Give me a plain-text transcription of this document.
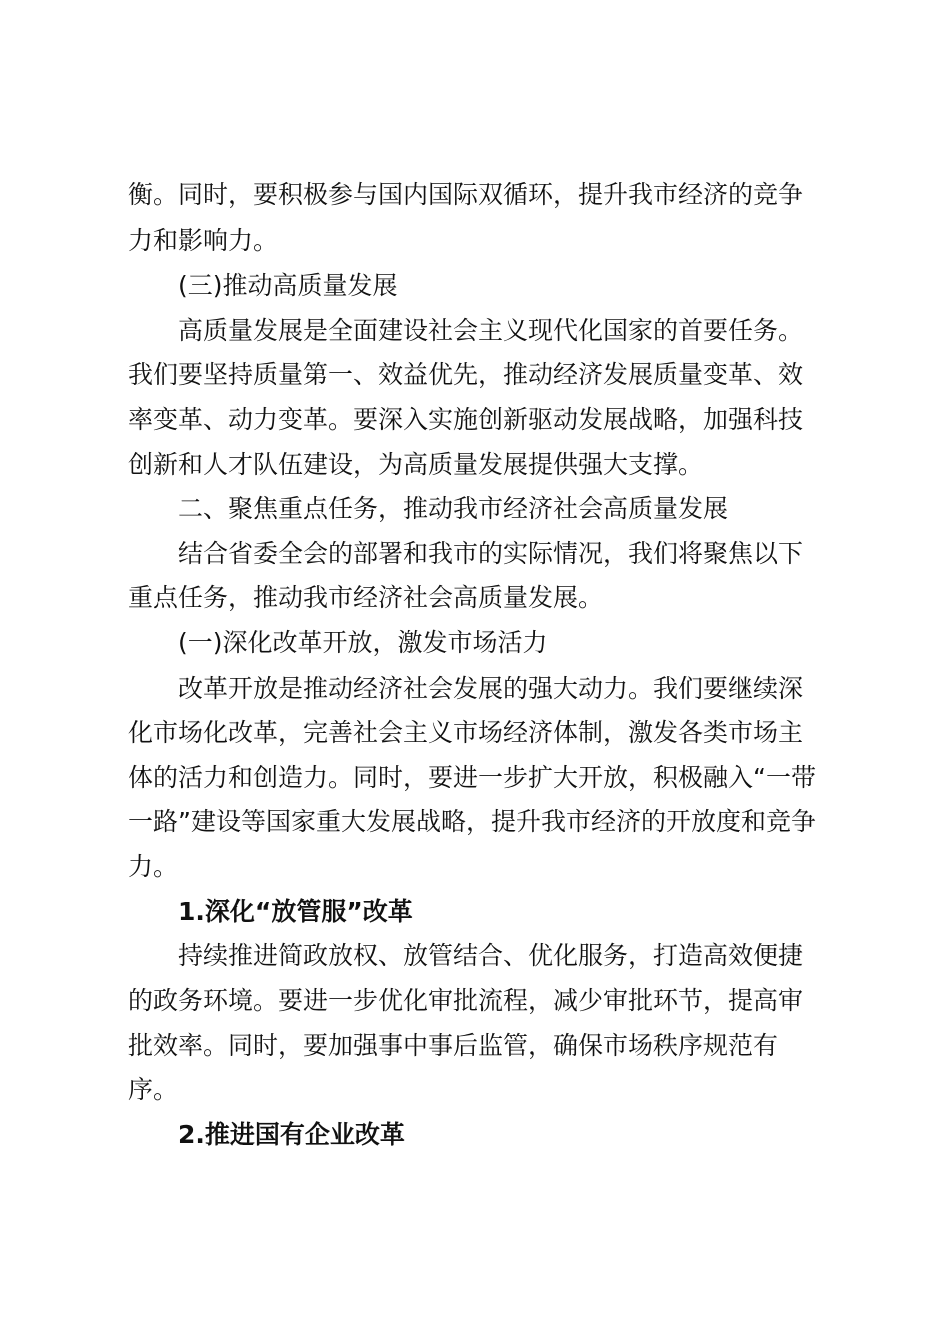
衡。同时，要积极参与国内国际双循环，提升我市经济的竞争
力和影响力。
(三)推动高质量发展
高质量发展是全面建设社会主义现代化国家的首要任务。
我们要坚持质量第一、效益优先，推动经济发展质量变革、效
率变革、动力变革。要深入实施创新驱动发展战略，加强科技
创新和人才队伍建设，为高质量发展提供强大支撑。
二、聚焦重点任务，推动我市经济社会高质量发展
结合省委全会的部署和我市的实际情况，我们将聚焦以下
重点任务，推动我市经济社会高质量发展。
(一)深化改革开放，激发市场活力
改革开放是推动经济社会发展的强大动力。我们要继续深
化市场化改革，完善社会主义市场经济体制，激发各类市场主
体的活力和创造力。同时，要进一步扩大开放，积极融入“一带
一路”建设等国家重大发展战略，提升我市经济的开放度和竞争
力。
1.深化“放管服”改革
持续推进简政放权、放管结合、优化服务，打造高效便捷
的政务环境。要进一步优化审批流程，减少审批环节，提高审
批效率。同时，要加强事中事后监管，确保市场秩序规范有
序。
2.推进国有企业改革
